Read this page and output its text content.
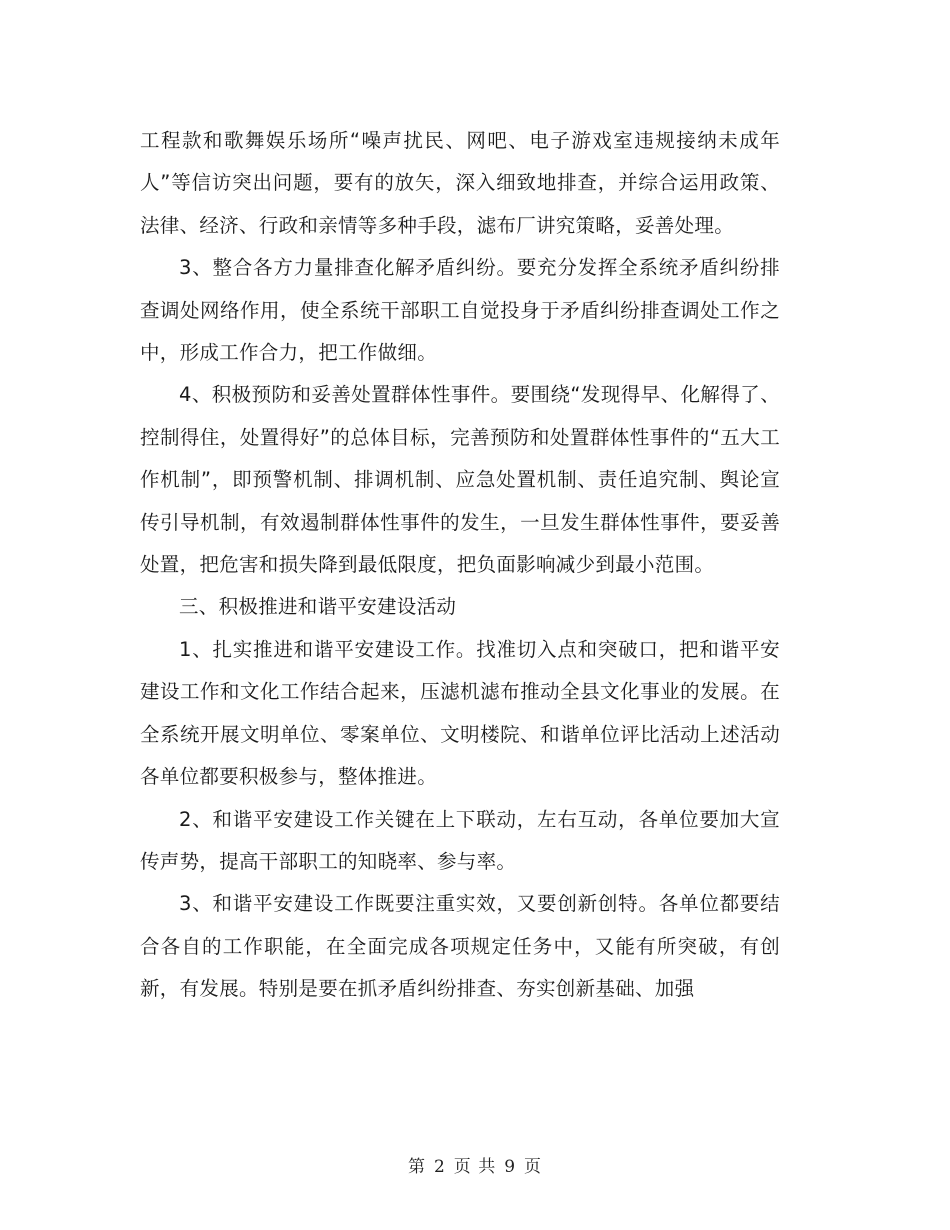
工程款和歌舞娱乐场所“噪声扰民、网吧、电子游戏室违规接纳未成年人”等信访突出问题，要有的放矢，深入细致地排查，并综合运用政策、法律、经济、行政和亲情等多种手段，滤布厂讲究策略，妥善处理。

3、整合各方力量排查化解矛盾纠纷。要充分发挥全系统矛盾纠纷排查调处网络作用，使全系统干部职工自觉投身于矛盾纠纷排查调处工作之中，形成工作合力，把工作做细。

4、积极预防和妥善处置群体性事件。要围绕“发现得早、化解得了、控制得住，处置得好”的总体目标，完善预防和处置群体性事件的“五大工作机制”，即预警机制、排调机制、应急处置机制、责任追究制、舆论宣传引导机制，有效遏制群体性事件的发生，一旦发生群体性事件，要妥善处置，把危害和损失降到最低限度，把负面影响减少到最小范围。

三、积极推进和谐平安建设活动

1、扎实推进和谐平安建设工作。找准切入点和突破口，把和谐平安建设工作和文化工作结合起来，压滤机滤布推动全县文化事业的发展。在全系统开展文明单位、零案单位、文明楼院、和谐单位评比活动上述活动各单位都要积极参与，整体推进。

2、和谐平安建设工作关键在上下联动，左右互动，各单位要加大宣传声势，提高干部职工的知晓率、参与率。

3、和谐平安建设工作既要注重实效，又要创新创特。各单位都要结合各自的工作职能，在全面完成各项规定任务中，又能有所突破，有创新，有发展。特别是要在抓矛盾纠纷排查、夯实创新基础、加强

第 2 页 共 9 页
